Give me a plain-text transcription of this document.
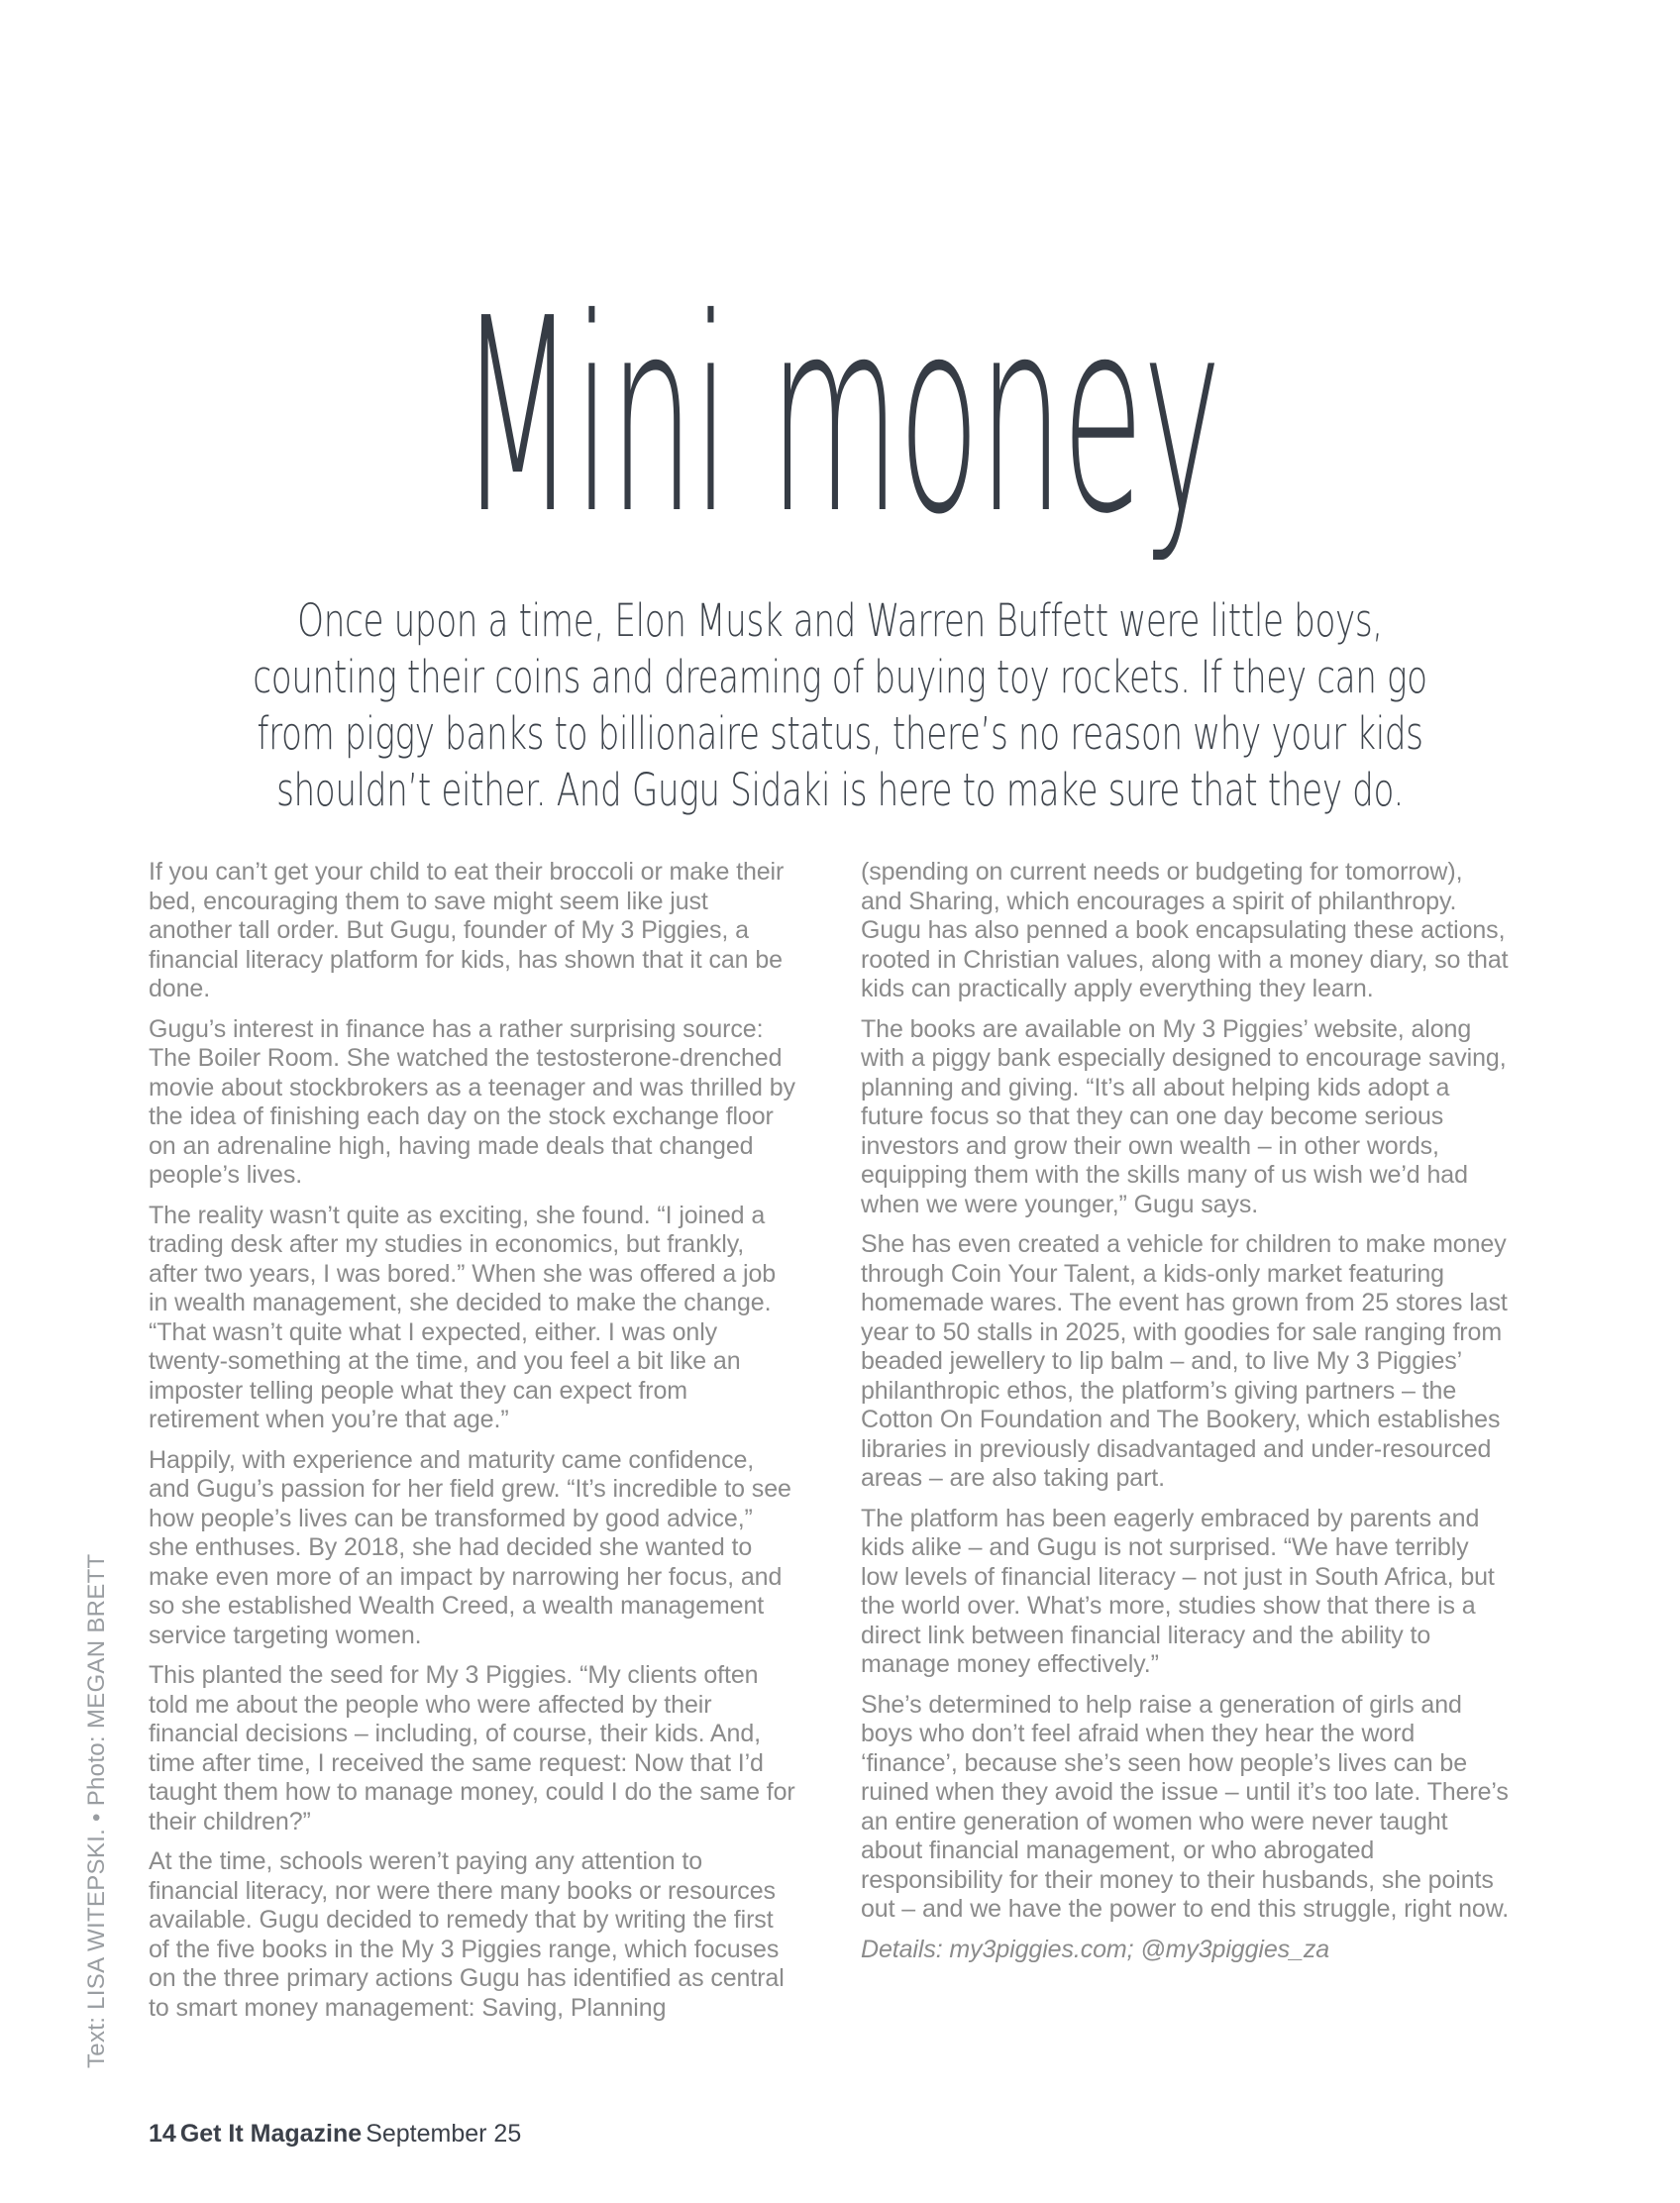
Mini money
Once upon a time, Elon Musk and Warren Buffett were little boys,
counting their coins and dreaming of buying toy rockets. If they can go
from piggy banks to billionaire status, there’s no reason why your kids
shouldn’t either. And Gugu Sidaki is here to make sure that they do.

If you can’t get your child to eat their broccoli or make their bed, encouraging them to save might seem like just another tall order. But Gugu, founder of My 3 Piggies, a financial literacy platform for kids, has shown that it can be done.

Gugu’s interest in finance has a rather surprising source: The Boiler Room. She watched the testosterone-drenched movie about stockbrokers as a teenager and was thrilled by the idea of finishing each day on the stock exchange floor on an adrenaline high, having made deals that changed people’s lives.

The reality wasn’t quite as exciting, she found. “I joined a trading desk after my studies in economics, but frankly, after two years, I was bored.” When she was offered a job in wealth management, she decided to make the change. “That wasn’t quite what I expected, either. I was only twenty-something at the time, and you feel a bit like an imposter telling people what they can expect from retirement when you’re that age.”

Happily, with experience and maturity came confidence, and Gugu’s passion for her field grew. “It’s incredible to see how people’s lives can be transformed by good advice,” she enthuses. By 2018, she had decided she wanted to make even more of an impact by narrowing her focus, and so she established Wealth Creed, a wealth management service targeting women.

This planted the seed for My 3 Piggies. “My clients often told me about the people who were affected by their financial decisions – including, of course, their kids. And, time after time, I received the same request: Now that I’d taught them how to manage money, could I do the same for their children?”

At the time, schools weren’t paying any attention to financial literacy, nor were there many books or resources available. Gugu decided to remedy that by writing the first of the five books in the My 3 Piggies range, which focuses on the three primary actions Gugu has identified as central to smart money management: Saving, Planning

(spending on current needs or budgeting for tomorrow), and Sharing, which encourages a spirit of philanthropy. Gugu has also penned a book encapsulating these actions, rooted in Christian values, along with a money diary, so that kids can practically apply everything they learn.

The books are available on My 3 Piggies’ website, along with a piggy bank especially designed to encourage saving, planning and giving. “It’s all about helping kids adopt a future focus so that they can one day become serious investors and grow their own wealth – in other words, equipping them with the skills many of us wish we’d had when we were younger,” Gugu says.

She has even created a vehicle for children to make money through Coin Your Talent, a kids-only market featuring homemade wares. The event has grown from 25 stores last year to 50 stalls in 2025, with goodies for sale ranging from beaded jewellery to lip balm – and, to live My 3 Piggies’ philanthropic ethos, the platform’s giving partners – the Cotton On Foundation and The Bookery, which establishes libraries in previously disadvantaged and under-resourced areas – are also taking part.

The platform has been eagerly embraced by parents and kids alike – and Gugu is not surprised. “We have terribly low levels of financial literacy – not just in South Africa, but the world over. What’s more, studies show that there is a direct link between financial literacy and the ability to manage money effectively.”

She’s determined to help raise a generation of girls and boys who don’t feel afraid when they hear the word ‘finance’, because she’s seen how people’s lives can be ruined when they avoid the issue – until it’s too late. There’s an entire generation of women who were never taught about financial management, or who abrogated responsibility for their money to their husbands, she points out – and we have the power to end this struggle, right now.

Details: my3piggies.com; @my3piggies_za

Text: LISA WITEPSKI. • Photo: MEGAN BRETT
14 Get It Magazine September 25
